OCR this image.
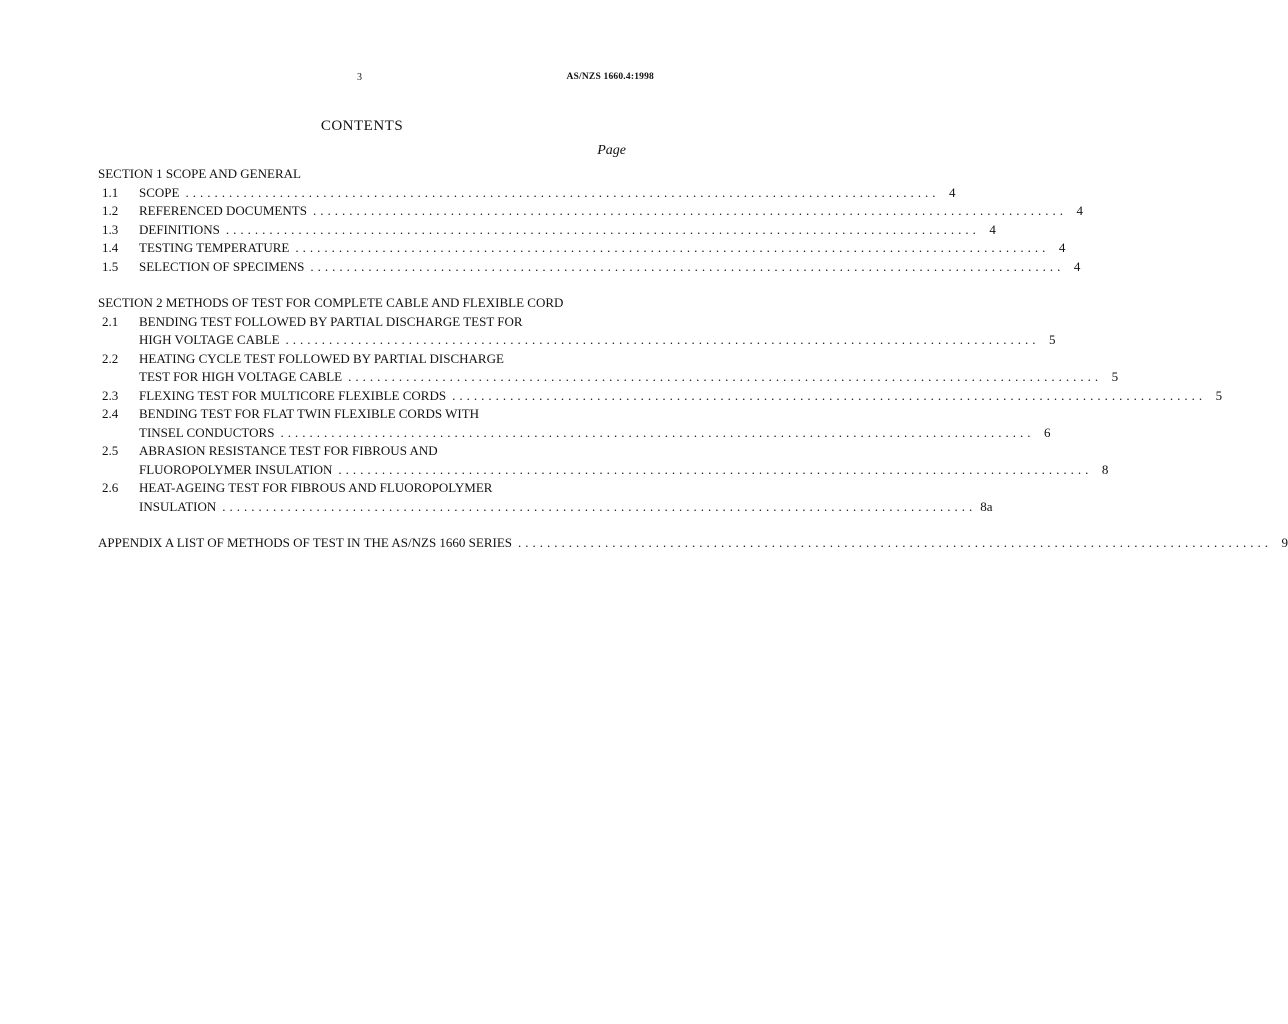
3	AS/NZS 1660.4:1998
CONTENTS
Page
SECTION 1 SCOPE AND GENERAL
1.1	SCOPE ........................................................................................................ 4
1.2	REFERENCED DOCUMENTS ........................................................................................................ 4
1.3	DEFINITIONS ........................................................................................................ 4
1.4	TESTING TEMPERATURE ........................................................................................................ 4
1.5	SELECTION OF SPECIMENS ........................................................................................................ 4
SECTION 2 METHODS OF TEST FOR COMPLETE CABLE AND FLEXIBLE CORD
2.1	BENDING TEST FOLLOWED BY PARTIAL DISCHARGE TEST FOR
HIGH VOLTAGE CABLE ........................................................................................................ 5
2.2	HEATING CYCLE TEST FOLLOWED BY PARTIAL DISCHARGE
TEST FOR HIGH VOLTAGE CABLE ........................................................................................................ 5
2.3	FLEXING TEST FOR MULTICORE FLEXIBLE CORDS ........................................................................................................ 5
2.4	BENDING TEST FOR FLAT TWIN FLEXIBLE CORDS WITH
TINSEL CONDUCTORS ........................................................................................................ 6
2.5	ABRASION RESISTANCE TEST FOR FIBROUS AND
FLUOROPOLYMER INSULATION ........................................................................................................ 8
2.6	HEAT-AGEING TEST FOR FIBROUS AND FLUOROPOLYMER
INSULATION ........................................................................................................ 8a
APPENDIX A LIST OF METHODS OF TEST IN THE AS/NZS 1660 SERIES ........................................................................................................ 9
